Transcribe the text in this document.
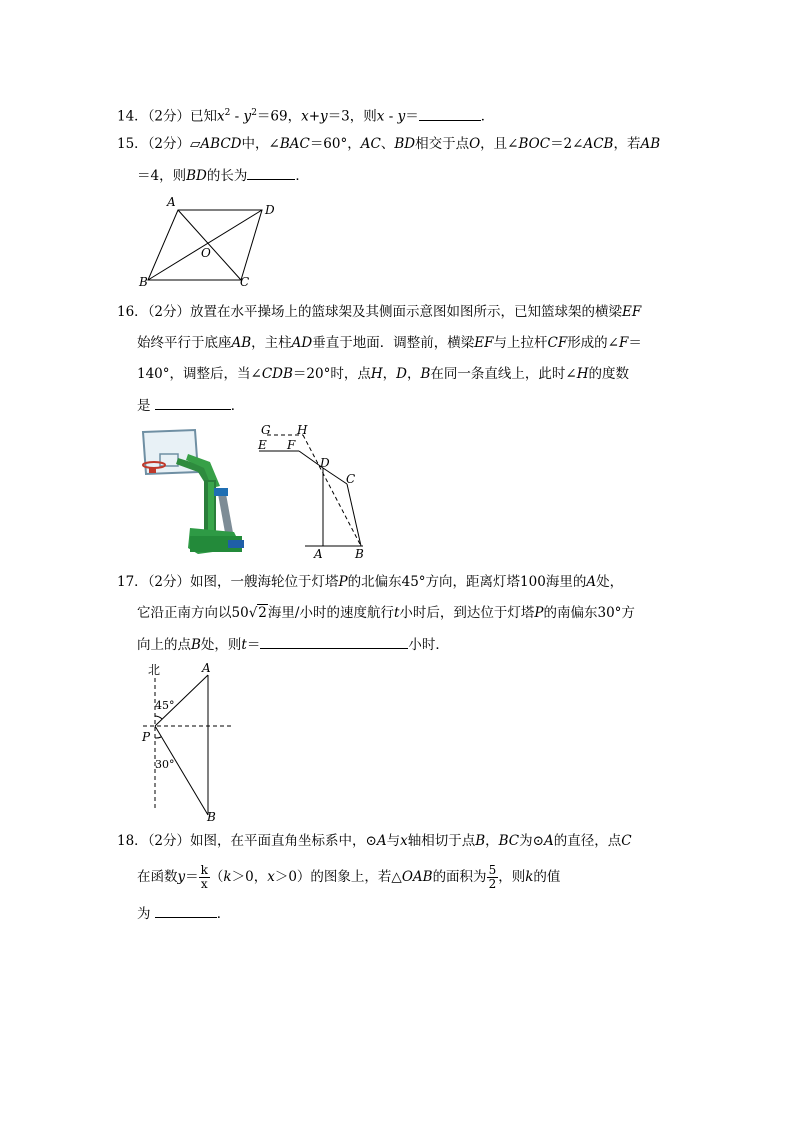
14．（2分）已知$x^2 - y^2=69$，x+y＝3，则x - y＝	．
15．（2分）▱ABCD中，∠BAC＝60°，AC、BD相交于点O，且∠BOC＝2∠ACB，若AB
＝4，则BD的长为	．
A
D
O
B	C
16．（2分）放置在水平操场上的篮球架及其侧面示意图如图所示，已知篮球架的横梁EF
始终平行于底座AB，主柱AD垂直于地面．调整前，横梁EF与上拉杆CF形成的∠F＝
140°，调整后，当∠CDB＝20°时，点H，D，B在同一条直线上，此时∠H的度数
是	．
G H
E F
D
C
A	B
17．（2分）如图，一艘海轮位于灯塔P的北偏东45°方向，距离灯塔100海里的A处，
它沿正南方向以50√2海里/小时的速度航行t小时后，到达位于灯塔P的南偏东30°方
向上的点B处，则t＝	小时．
北	A
45°
P
30°
B
18．（2分）如图，在平面直角坐标系中，⊙A与x轴相切于点B，BC为⊙A的直径，点C
在函数$y= \frac{k}{x} (k>0$，x＞0）的图象上，若△OAB的面积为 $\frac{5}{2}$ ，则k的值
为	．
